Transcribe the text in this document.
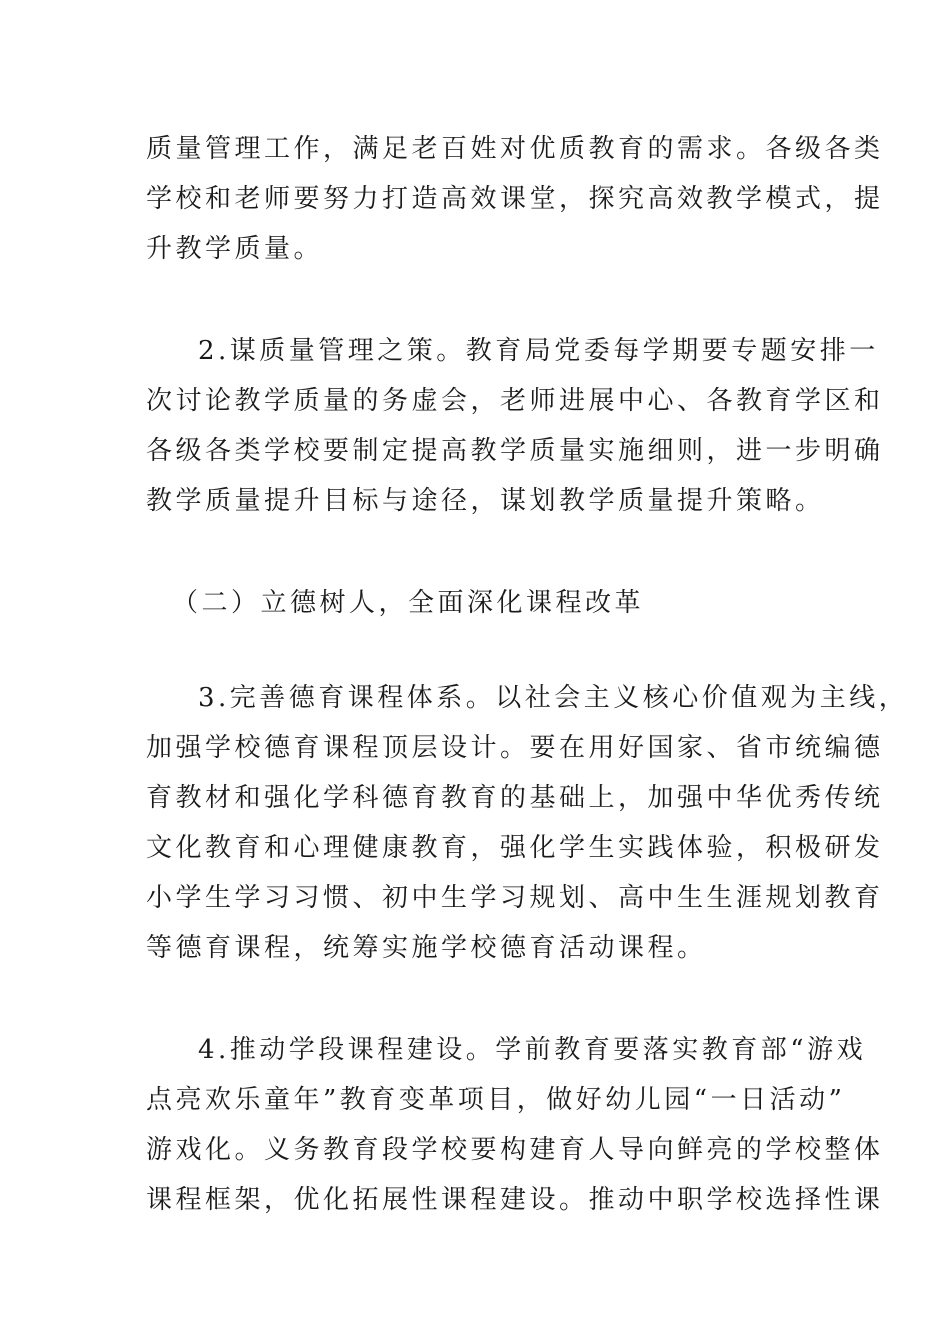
质量管理工作，满足老百姓对优质教育的需求。各级各类
学校和老师要努力打造高效课堂，探究高效教学模式，提
升教学质量。
2.谋质量管理之策。教育局党委每学期要专题安排一
次讨论教学质量的务虚会，老师进展中心、各教育学区和
各级各类学校要制定提高教学质量实施细则，进一步明确
教学质量提升目标与途径，谋划教学质量提升策略。
（二）立德树人，全面深化课程改革
3.完善德育课程体系。以社会主义核心价值观为主线，
加强学校德育课程顶层设计。要在用好国家、省市统编德
育教材和强化学科德育教育的基础上，加强中华优秀传统
文化教育和心理健康教育，强化学生实践体验，积极研发
小学生学习习惯、初中生学习规划、高中生生涯规划教育
等德育课程，统筹实施学校德育活动课程。
4.推动学段课程建设。学前教育要落实教育部“游戏
点亮欢乐童年”教育变革项目，做好幼儿园“一日活动”
游戏化。义务教育段学校要构建育人导向鲜亮的学校整体
课程框架，优化拓展性课程建设。推动中职学校选择性课
